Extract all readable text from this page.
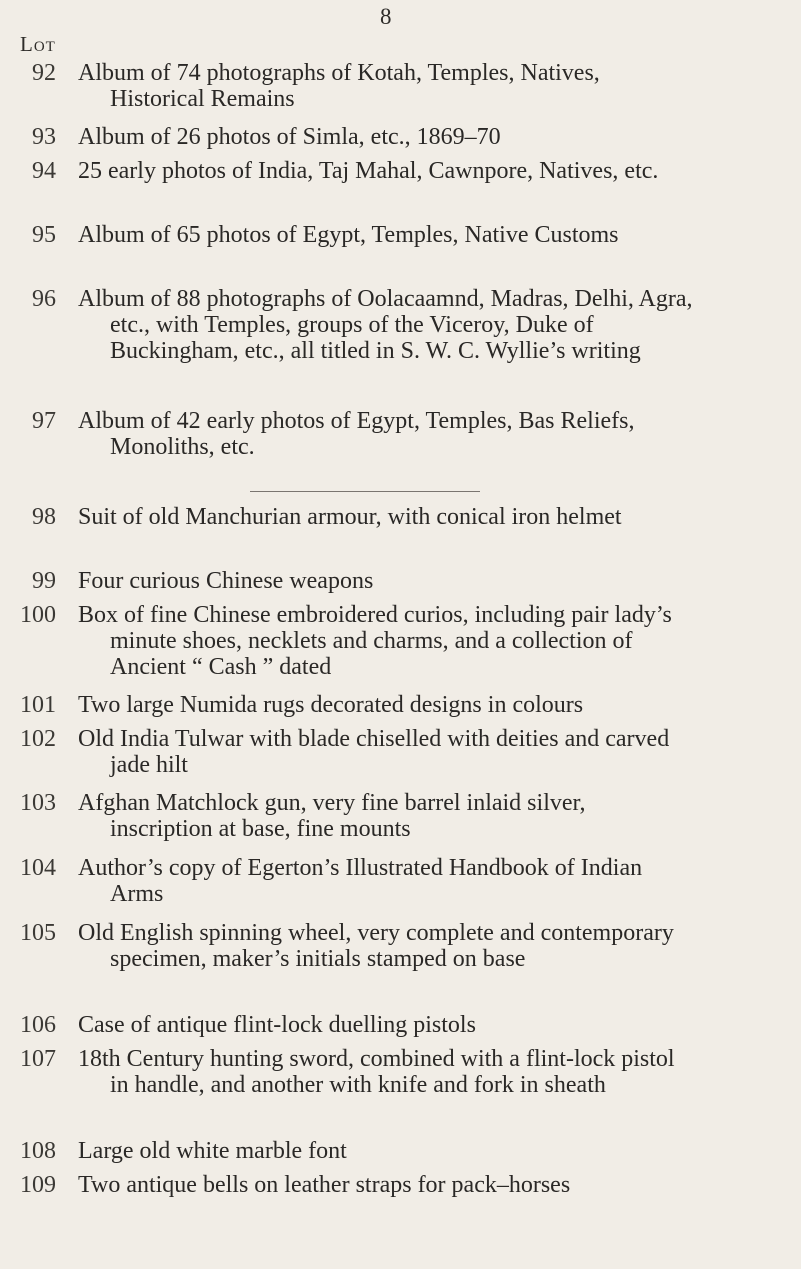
8
Lot
92 Album of 74 photographs of Kotah, Temples, Natives, Historical Remains
93 Album of 26 photos of Simla, etc., 1869–70
94 25 early photos of India, Taj Mahal, Cawnpore, Natives, etc.
95 Album of 65 photos of Egypt, Temples, Native Customs
96 Album of 88 photographs of Oolacaamnd, Madras, Delhi, Agra, etc., with Temples, groups of the Viceroy, Duke of Buckingham, etc., all titled in S. W. C. Wyllie’s writing
97 Album of 42 early photos of Egypt, Temples, Bas Reliefs, Monoliths, etc.
98 Suit of old Manchurian armour, with conical iron helmet
99 Four curious Chinese weapons
100 Box of fine Chinese embroidered curios, including pair lady’s minute shoes, necklets and charms, and a collection of Ancient “ Cash ” dated
101 Two large Numida rugs decorated designs in colours
102 Old India Tulwar with blade chiselled with deities and carved jade hilt
103 Afghan Matchlock gun, very fine barrel inlaid silver, inscription at base, fine mounts
104 Author’s copy of Egerton’s Illustrated Handbook of Indian Arms
105 Old English spinning wheel, very complete and contemporary specimen, maker’s initials stamped on base
106 Case of antique flint-lock duelling pistols
107 18th Century hunting sword, combined with a flint-lock pistol in handle, and another with knife and fork in sheath
108 Large old white marble font
109 Two antique bells on leather straps for pack–horses
